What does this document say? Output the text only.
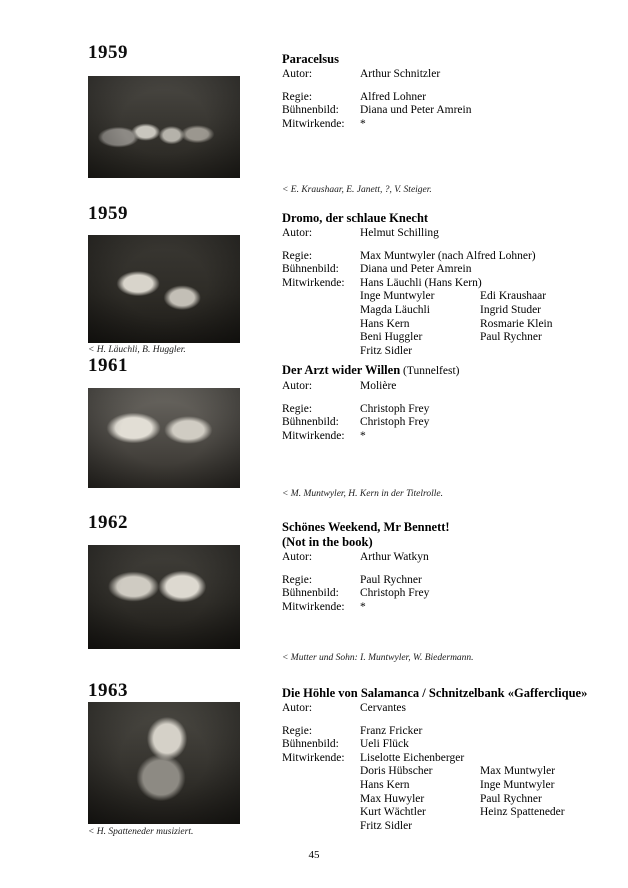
1959
< E. Kraushaar, E. Janett, ?, V. Steiger.
Paracelsus
Autor:	Arthur Schnitzler
Regie:	Alfred Lohner
Bühnenbild:	Diana und Peter Amrein
Mitwirkende:	*
1959
< H. Läuchli, B. Huggler.
Dromo, der schlaue Knecht
Autor:	Helmut Schilling
Regie:	Max Muntwyler (nach Alfred Lohner)
Bühnenbild:	Diana und Peter Amrein
Mitwirkende:	Hans Läuchli (Hans Kern)
Inge Muntwyler	Edi Kraushaar
Magda Läuchli	Ingrid Studer
Hans Kern	Rosmarie Klein
Beni Huggler	Paul Rychner
Fritz Sidler
1961
< M. Muntwyler, H. Kern in der Titelrolle.
Der Arzt wider Willen (Tunnelfest)
Autor:	Molière
Regie:	Christoph Frey
Bühnenbild:	Christoph Frey
Mitwirkende:	*
1962
< Mutter und Sohn: I. Muntwyler, W. Biedermann.
Schönes Weekend, Mr Bennett!
(Not in the book)
Autor:	Arthur Watkyn
Regie:	Paul Rychner
Bühnenbild:	Christoph Frey
Mitwirkende:	*
1963
< H. Spatteneder musiziert.
Die Höhle von Salamanca / Schnitzelbank «Gafferclique»
Autor:	Cervantes
Regie:	Franz Fricker
Bühnenbild:	Ueli Flück
Mitwirkende:	Liselotte Eichenberger
Doris Hübscher	Max Muntwyler
Hans Kern	Inge Muntwyler
Max Huwyler	Paul Rychner
Kurt Wächtler	Heinz Spatteneder
Fritz Sidler
45
